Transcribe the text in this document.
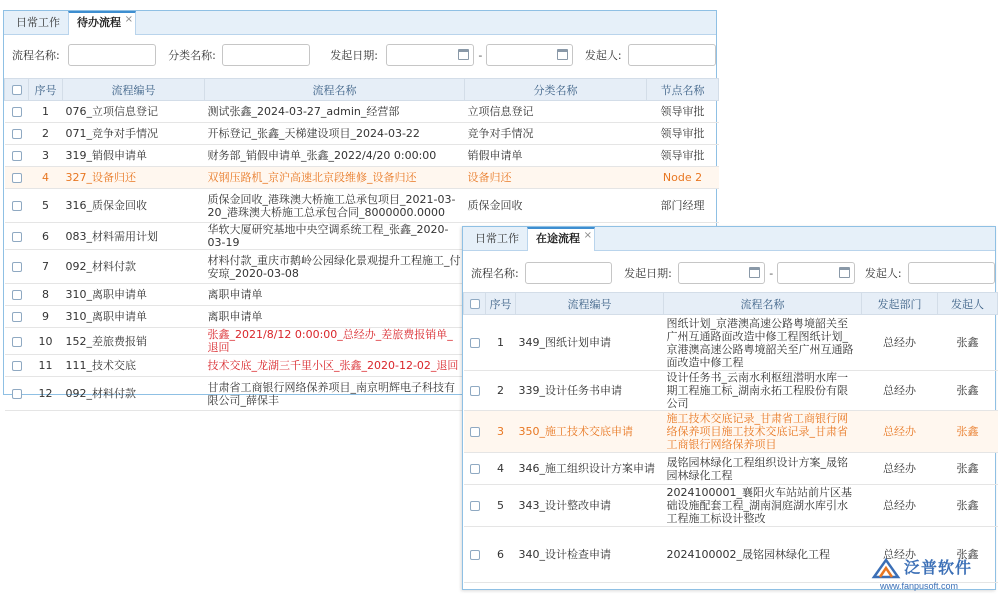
日常工作	待办流程 ×
流程名称:	分类名称:	发起日期:	-	发起人:
	序号	流程编号	流程名称	分类名称	节点名称
	1	076_立项信息登记	测试张鑫_2024-03-27_admin_经营部	立项信息登记	领导审批
	2	071_竞争对手情况	开标登记_张鑫_天梯建设项目_2024-03-22	竞争对手情况	领导审批
	3	319_销假申请单	财务部_销假申请单_张鑫_2022/4/20 0:00:00	销假申请单	领导审批
	4	327_设备归还	双钢压路机_京沪高速北京段维修_设备归还	设备归还	Node 2
	5	316_质保金回收	质保金回收_港珠澳大桥施工总承包项目_2021-03-20_港珠澳大桥施工总承包合同_8000000.0000	质保金回收	部门经理
	6	083_材料需用计划	华软大厦研究基地中央空调系统工程_张鑫_2020-03-19		
	7	092_材料付款	材料付款_重庆市鹅岭公园绿化景观提升工程施工_付安琼_2020-03-08		
	8	310_离职申请单	离职申请单		
	9	310_离职申请单	离职申请单		
	10	152_差旅费报销	张鑫_2021/8/12 0:00:00_总经办_差旅费报销单_退回		
	11	111_技术交底	技术交底_龙湖三千里小区_张鑫_2020-12-02_退回		
	12	092_材料付款	甘肃省工商银行网络保养项目_南京明辉电子科技有限公司_薛保丰		
日常工作	在途流程 ×
流程名称:	发起日期:	-	发起人:
	序号	流程编号	流程名称	发起部门	发起人
	1	349_图纸计划申请	图纸计划_京港澳高速公路粤境韶关至广州互通路面改造中修工程图纸计划_京港澳高速公路粤境韶关至广州互通路面改造中修工程	总经办	张鑫
	2	339_设计任务书申请	设计任务书_云南水利枢纽潜明水库一期工程施工标_湖南永拓工程股份有限公司	总经办	张鑫
	3	350_施工技术交底申请	施工技术交底记录_甘肃省工商银行网络保养项目施工技术交底记录_甘肃省工商银行网络保养项目	总经办	张鑫
	4	346_施工组织设计方案申请	晟铭园林绿化工程组织设计方案_晟铭园林绿化工程	总经办	张鑫
	5	343_设计整改申请	2024100001_襄阳火车站站前片区基础设施配套工程_湖南洞庭湖水库引水工程施工标设计整改	总经办	张鑫
	6	340_设计检查申请	2024100002_晟铭园林绿化工程	总经办	张鑫
泛普软件
www.fanpusoft.com
